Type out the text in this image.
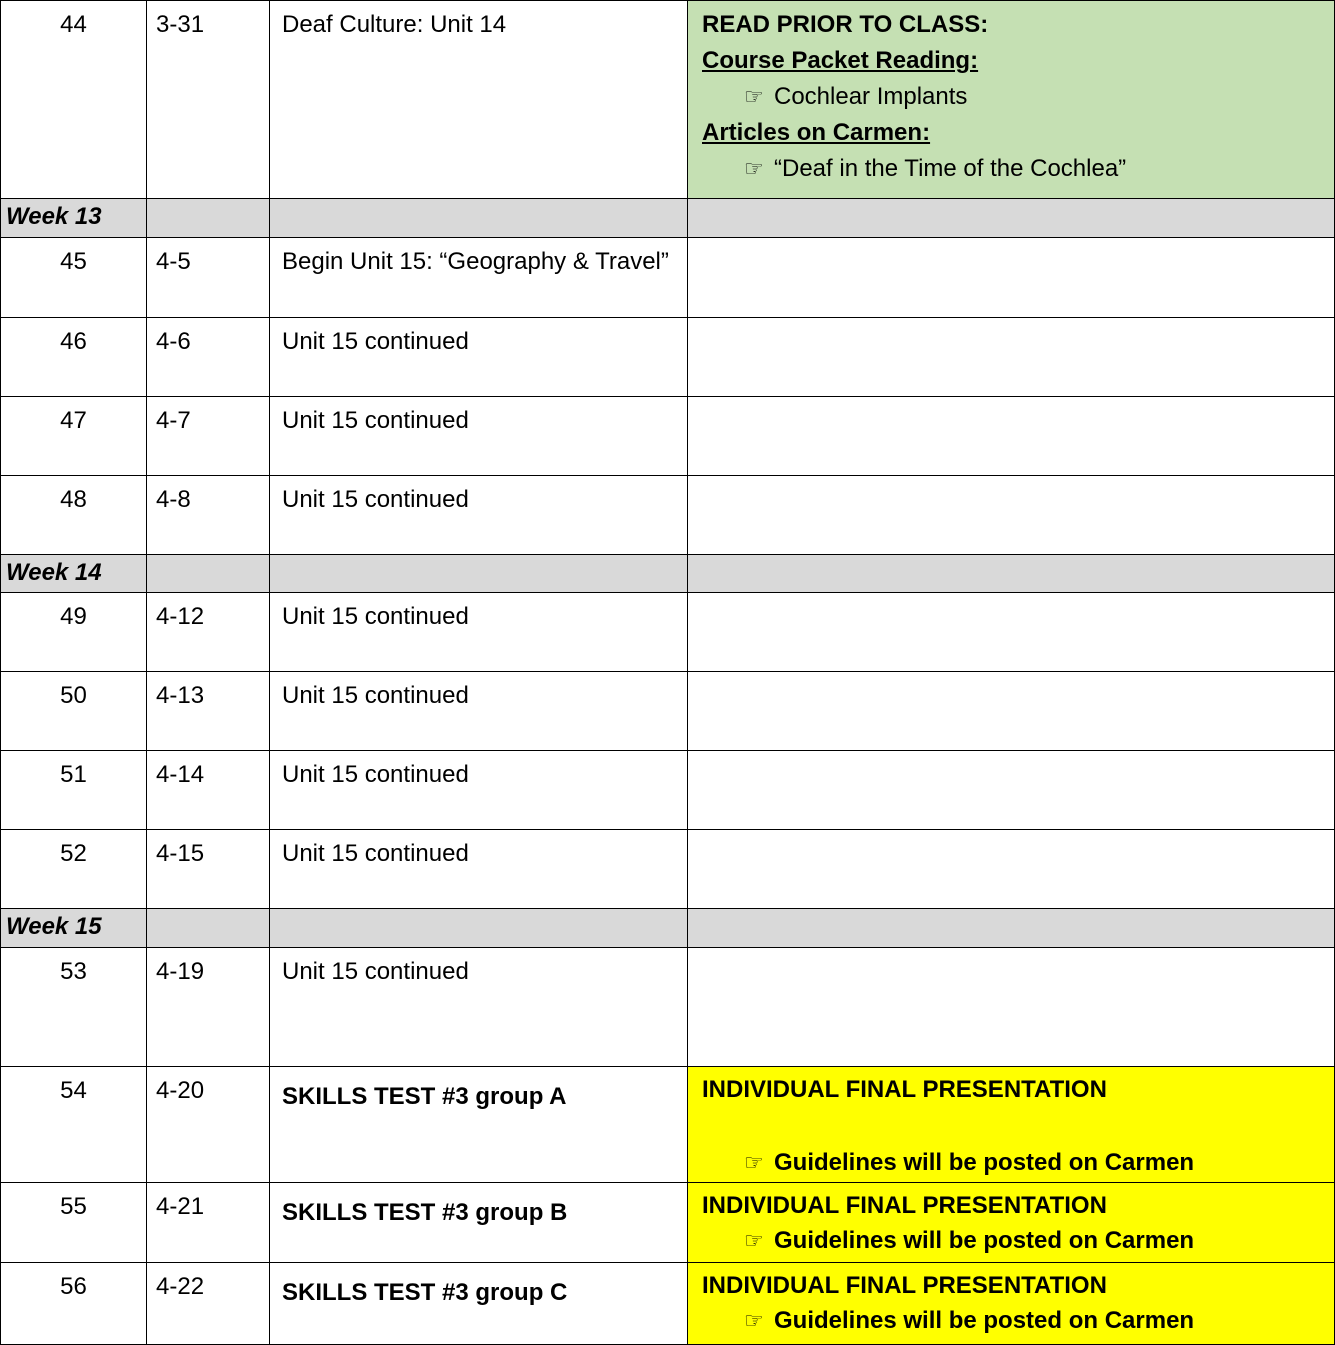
44	3-31	Deaf Culture: Unit 14	READ PRIOR TO CLASS:
Course Packet Reading:
☞ Cochlear Implants
Articles on Carmen:
☞ “Deaf in the Time of the Cochlea”

Week 13			
45	4-5	Begin Unit 15: “Geography & Travel”	
46	4-6	Unit 15 continued	
47	4-7	Unit 15 continued	
48	4-8	Unit 15 continued	
Week 14			
49	4-12	Unit 15 continued	
50	4-13	Unit 15 continued	
51	4-14	Unit 15 continued	
52	4-15	Unit 15 continued	
Week 15			
53	4-19	Unit 15 continued	
54	4-20	SKILLS TEST #3 group A	INDIVIDUAL FINAL PRESENTATION
☞ Guidelines will be posted on Carmen

55	4-21	SKILLS TEST #3 group B	INDIVIDUAL FINAL PRESENTATION
☞ Guidelines will be posted on Carmen

56	4-22	SKILLS TEST #3 group C	INDIVIDUAL FINAL PRESENTATION
☞ Guidelines will be posted on Carmen
